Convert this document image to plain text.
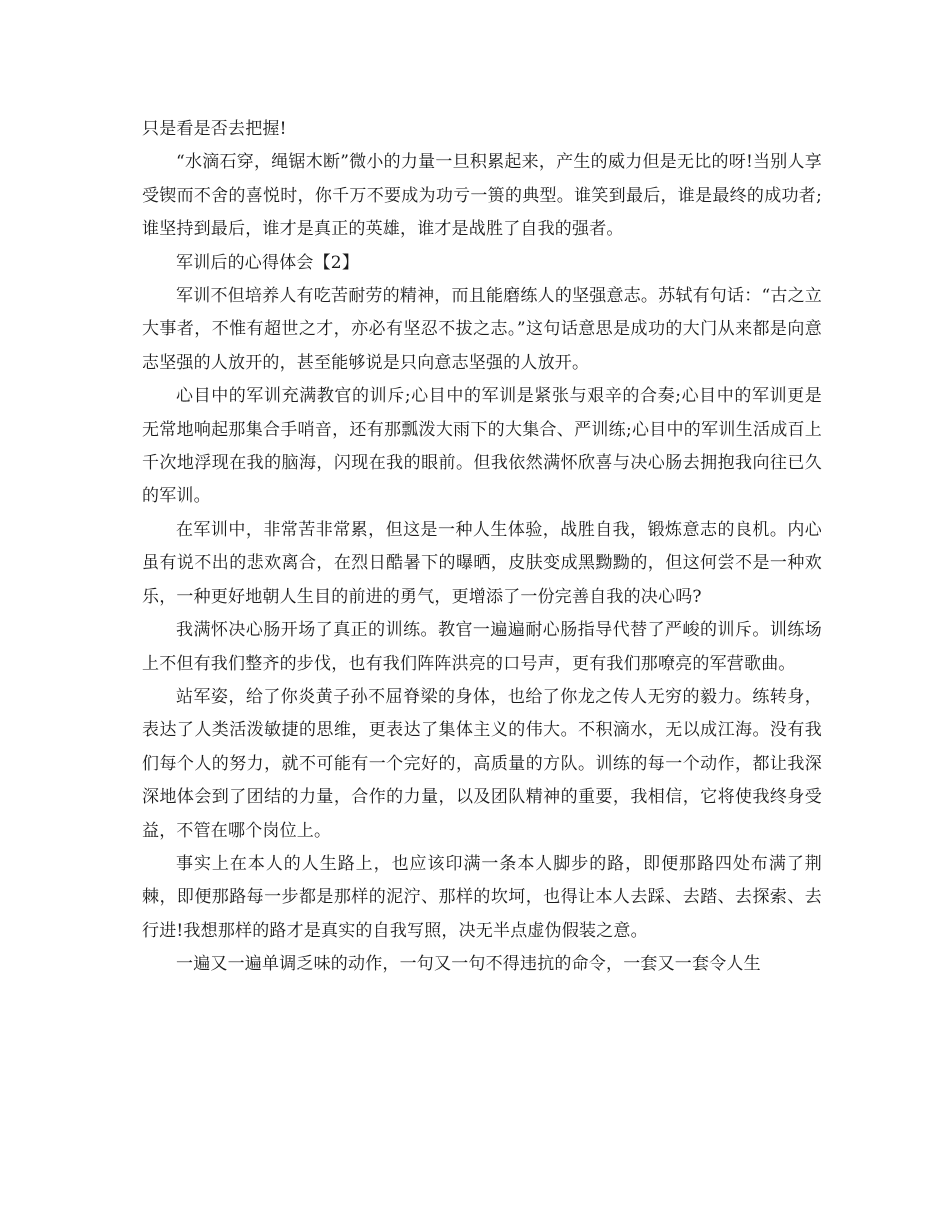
只是看是否去把握!

“水滴石穿，绳锯木断”微小的力量一旦积累起来，产生的威力但是无比的呀!当别人享受锲而不舍的喜悦时，你千万不要成为功亏一篑的典型。谁笑到最后，谁是最终的成功者;谁坚持到最后，谁才是真正的英雄，谁才是战胜了自我的强者。

军训后的心得体会【2】

军训不但培养人有吃苦耐劳的精神，而且能磨练人的坚强意志。苏轼有句话：“古之立大事者，不惟有超世之才，亦必有坚忍不拔之志。”这句话意思是成功的大门从来都是向意志坚强的人放开的，甚至能够说是只向意志坚强的人放开。

心目中的军训充满教官的训斥;心目中的军训是紧张与艰辛的合奏;心目中的军训更是无常地响起那集合手哨音，还有那瓢泼大雨下的大集合、严训练;心目中的军训生活成百上千次地浮现在我的脑海，闪现在我的眼前。但我依然满怀欣喜与决心肠去拥抱我向往已久的军训。

在军训中，非常苦非常累，但这是一种人生体验，战胜自我，锻炼意志的良机。内心虽有说不出的悲欢离合，在烈日酷暑下的曝晒，皮肤变成黑黝黝的，但这何尝不是一种欢乐，一种更好地朝人生目的前进的勇气，更增添了一份完善自我的决心吗?

我满怀决心肠开场了真正的训练。教官一遍遍耐心肠指导代替了严峻的训斥。训练场上不但有我们整齐的步伐，也有我们阵阵洪亮的口号声，更有我们那嘹亮的军营歌曲。

站军姿，给了你炎黄子孙不屈脊梁的身体，也给了你龙之传人无穷的毅力。练转身，表达了人类活泼敏捷的思维，更表达了集体主义的伟大。不积滴水，无以成江海。没有我们每个人的努力，就不可能有一个完好的，高质量的方队。训练的每一个动作，都让我深深地体会到了团结的力量，合作的力量，以及团队精神的重要，我相信，它将使我终身受益，不管在哪个岗位上。

事实上在本人的人生路上，也应该印满一条本人脚步的路，即便那路四处布满了荆棘，即便那路每一步都是那样的泥泞、那样的坎坷，也得让本人去踩、去踏、去探索、去行进!我想那样的路才是真实的自我写照，决无半点虚伪假装之意。

一遍又一遍单调乏味的动作，一句又一句不得违抗的命令，一套又一套令人生
